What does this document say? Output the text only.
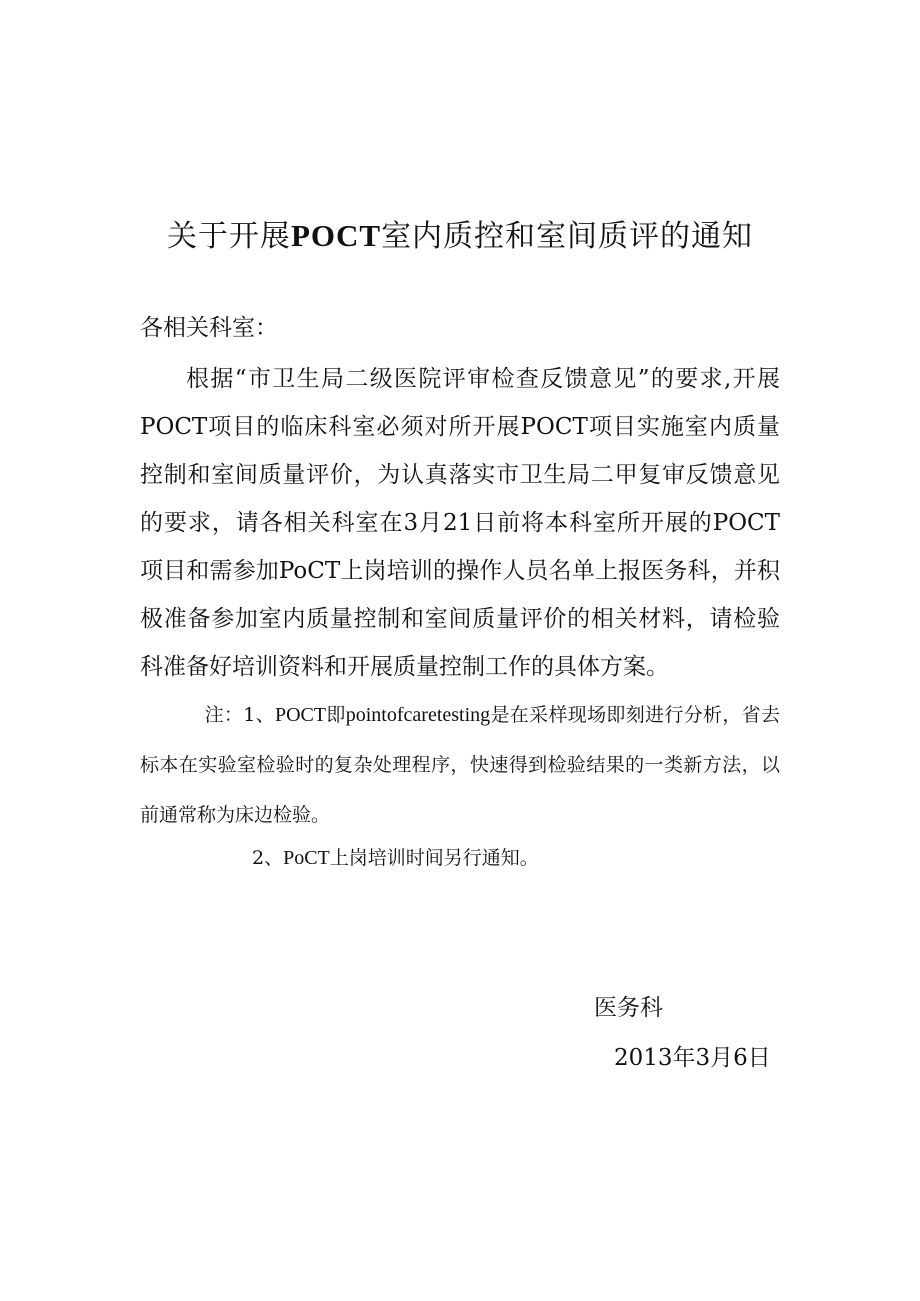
关于开展POCT室内质控和室间质评的通知
各相关科室：
根据“市卫生局二级医院评审检查反馈意见”的要求,开展POCT项目的临床科室必须对所开展POCT项目实施室内质量控制和室间质量评价，为认真落实市卫生局二甲复审反馈意见的要求，请各相关科室在3月21日前将本科室所开展的POCT项目和需参加PoCT上岗培训的操作人员名单上报医务科，并积极准备参加室内质量控制和室间质量评价的相关材料，请检验科准备好培训资料和开展质量控制工作的具体方案。
注：1、POCT即pointofcaretesting是在采样现场即刻进行分析，省去标本在实验室检验时的复杂处理程序，快速得到检验结果的一类新方法，以前通常称为床边检验。
2、PoCT上岗培训时间另行通知。
医务科
2013年3月6日
